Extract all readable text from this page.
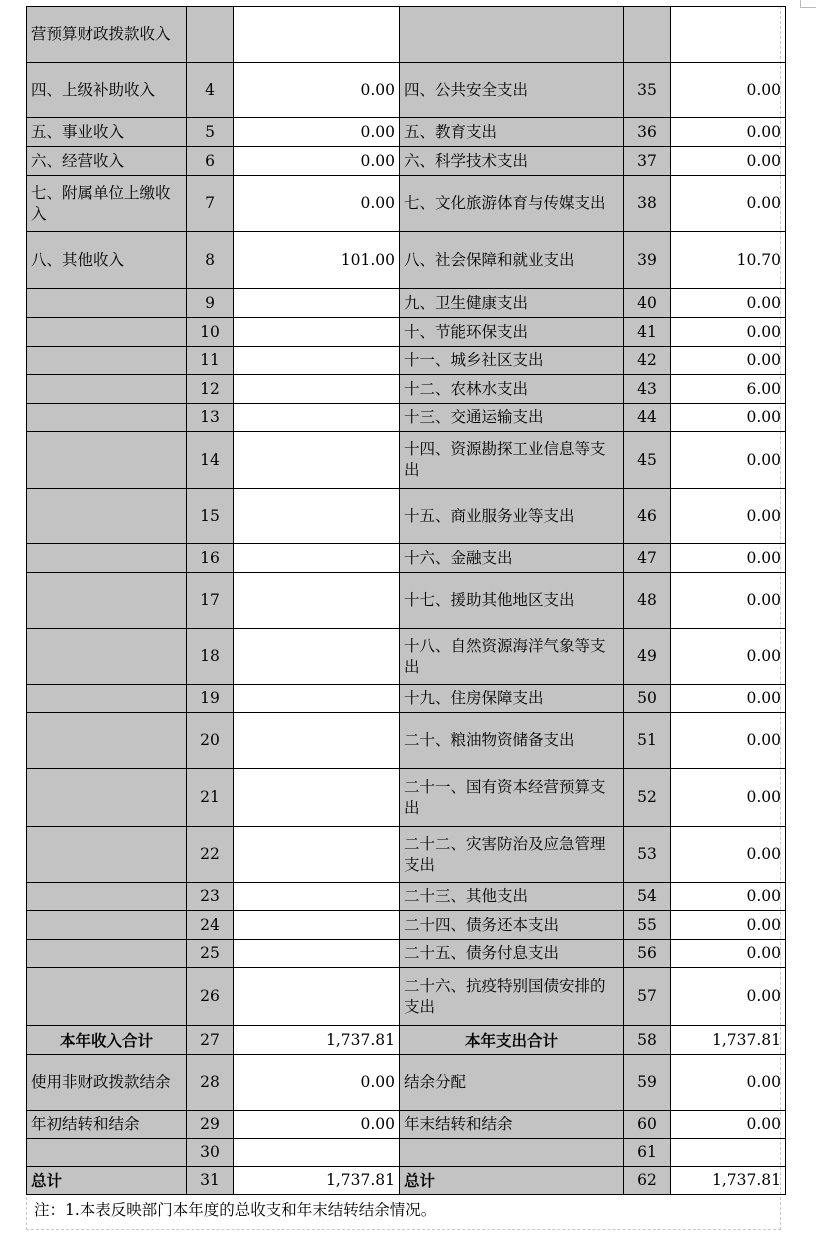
营预算财政拨款收入					
四、上级补助收入	4	0.00	四、公共安全支出	35	0.00
五、事业收入	5	0.00	五、教育支出	36	0.00
六、经营收入	6	0.00	六、科学技术支出	37	0.00
七、附属单位上缴收入	7	0.00	七、文化旅游体育与传媒支出	38	0.00
八、其他收入	8	101.00	八、社会保障和就业支出	39	10.70
	9		九、卫生健康支出	40	0.00
	10		十、节能环保支出	41	0.00
	11		十一、城乡社区支出	42	0.00
	12		十二、农林水支出	43	6.00
	13		十三、交通运输支出	44	0.00
	14		十四、资源勘探工业信息等支出	45	0.00
	15		十五、商业服务业等支出	46	0.00
	16		十六、金融支出	47	0.00
	17		十七、援助其他地区支出	48	0.00
	18		十八、自然资源海洋气象等支出	49	0.00
	19		十九、住房保障支出	50	0.00
	20		二十、粮油物资储备支出	51	0.00
	21		二十一、国有资本经营预算支出	52	0.00
	22		二十二、灾害防治及应急管理支出	53	0.00
	23		二十三、其他支出	54	0.00
	24		二十四、债务还本支出	55	0.00
	25		二十五、债务付息支出	56	0.00
	26		二十六、抗疫特别国债安排的支出	57	0.00
本年收入合计	27	1,737.81	本年支出合计	58	1,737.81
使用非财政拨款结余	28	0.00	结余分配	59	0.00
年初结转和结余	29	0.00	年末结转和结余	60	0.00
	30			61	
总计	31	1,737.81	总计	62	1,737.81
注：1.本表反映部门本年度的总收支和年末结转结余情况。
